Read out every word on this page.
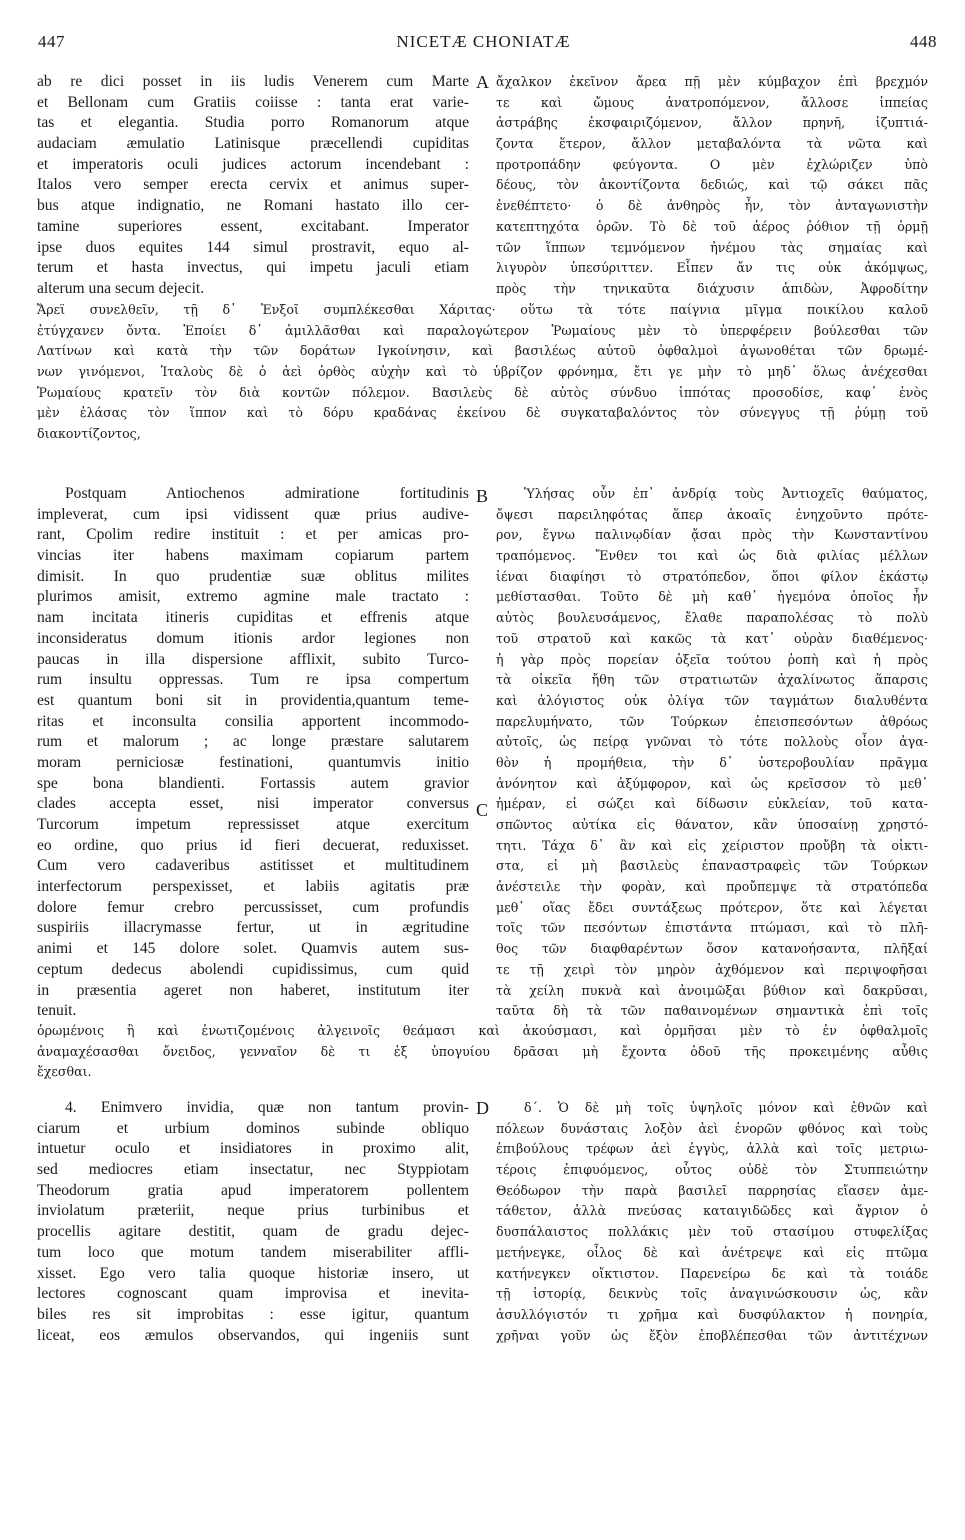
447	NICETÆ CHONIATÆ	448
ab re dici posset in iis ludis Venerem cum Marte
et Bellonam cum Gratiis coiisse : tanta erat varie-
tas et elegantia. Studia porro Romanorum atque
audaciam æmulatio Latinisque præcellendi cupiditas
et imperatoris oculi judices actorum incendebant :
Italos vero semper erecta cervix et animus super-
bus atque indignatio, ne Romani hastato illo cer-
tamine superiores essent, excitabant. Imperator
ipse duos equites 144 simul prostravit, equo al-
terum et hasta invectus, qui impetu jaculi etiam
alterum una secum dejecit.
A ἄχαλκον ἐκεῖνον ἄρεα πῇ μὲν κύμβαχον ἐπὶ βρεχμόν
τε καὶ ὤμους ἀνατροπόμενον, ἄλλοσε ἱππείας
ἀστράβης ἐκσφαιριζόμενον, ἄλλον πρηνῆ, ἰζυπτιά-
ζοντα ἕτερον, ἄλλον μεταβαλόντα τὰ νῶτα καὶ
προτροπάδην φεύγοντα. Ο μὲν ἐχλώριζεν ὑπὸ
δέους, τὸν ἀκοντίζοντα δεδιώς, καὶ τῷ σάκει πᾶς
ἐνεθέπτετο· ὁ δὲ ἀνθηρὸς ἦν, τὸν ἀνταγωνιστὴν
κατεπτηχότα ὁρῶν. Τὸ δὲ τοῦ ἀέρος ῥόθιον τῇ ὁρμῇ
τῶν ἵππων τεμνόμενον ἠνέμου τὰς σημαίας καὶ
λιγυρὸν ὑπεσύριττεν. Εἶπεν ἄν τις οὐκ ἀκόμψως,
πρὸς τὴν τηνικαῦτα διάχυσιν ἀπιδὼν, Ἀφροδίτην
Ἄρεϊ συνελθεῖν, τῇ δ᾽ Ἐνξοῖ συμπλέκεσθαι Χάριτας· οὕτω τὰ τότε παίγνια μῖγμα ποικίλου καλοῦ
ἐτύγχανεν ὄντα. Ἐποίει δ᾽ ἁμιλλᾶσθαι καὶ παραλογώτερον Ῥωμαίους μὲν τὸ ὑπερφέρειν βούλεσθαι τῶν
Λατίνων καὶ κατὰ τὴν τῶν δοράτων Ιγκοίνησιν, καὶ βασιλέως αὐτοῦ ὀφθαλμοὶ ἀγωνοθέται τῶν δρωμέ-
νων γινόμενοι, Ἰταλοὺς δὲ ὁ ἀεὶ ὀρθὸς αὐχὴν καὶ τὸ ὑβρίζον φρόνημα, ἔτι γε μὴν τὸ μηδ᾽ ὅλως ἀνέχεσθαι
Ῥωμαίους κρατεῖν τὸν διὰ κοντῶν πόλεμον. Βασιλεὺς δὲ αὐτὸς σύνδυο ἱππότας προσοδίσε, καφ᾽ ἑνὸς
μὲν ἐλάσας τὸν ἵππον καὶ τὸ δόρυ κραδάνας ἐκείνου δὲ συγκαταβαλόντος τὸν σύνεγγυς τῇ ῥύμῃ τοῦ
διακοντίζοντος,
Postquam Antiochenos admiratione fortitudinis
impleverat, cum ipsi vidissent quæ prius audive-
rant, Cpolim redire instituit : et per amicas pro-
vincias iter habens maximam copiarum partem
dimisit. In quo prudentiæ suæ oblitus milites
plurimos amisit, extremo agmine male tractato :
nam incitata itineris cupiditas et effrenis atque
inconsideratus domum itionis ardor legiones non
paucas in illa dispersione afflixit, subito Turco-
rum insultu oppressas. Tum re ipsa compertum
est quantum boni sit in providentia,quantum teme-
ritas et inconsulta consilia apportent incommodo-
rum et malorum ; ac longe præstare salutarem
moram perniciosæ festinationi, quantumvis initio
spe bona blandienti. Fortassis autem gravior
clades accepta esset, nisi imperator conversus
Turcorum impetum repressisset atque exercitum
eo ordine, quo prius id fieri decuerat, reduxisset.
Cum vero cadaveribus astitisset et multitudinem
interfectorum perspexisset, et labiis agitatis præ
dolore femur crebro percussisset, cum profundis
suspiriis illacrymasse fertur, ut in ægritudine
animi et 145 dolore solet. Quamvis autem sus-
ceptum dedecus abolendi cupidissimus, cum quid
in præsentia ageret non haberet, institutum iter
tenuit.
B
C
Ὑλήσας οὖν ἐπ᾽ ἀνδρίᾳ τοὺς Ἀντιοχεῖς θαύματος,
ὄψεσι παρειληφότας ἅπερ ἀκοαῖς ἐνηχοῦντο πρότε-
ρον, ἔγνω παλινῳδίαν ᾄσαι πρὸς τὴν Κωνσταντίνου
τραπόμενος. Ἔνθεν τοι καὶ ὡς διὰ φιλίας μέλλων
ἰέναι διαφίησι τὸ στρατόπεδον, ὅποι φίλον ἑκάστῳ
μεθίστασθαι. Τοῦτο δὲ μὴ καθ᾽ ἡγεμόνα ὁποῖος ἦν
αὐτὸς βουλευσάμενος, ἔλαθε παραπολέσας τὸ πολὺ
τοῦ στρατοῦ καὶ κακῶς τὰ κατ᾽ οὐρὰν διαθέμενος·
ἡ γὰρ πρὸς πορείαν ὀξεῖα τούτου ῥοπὴ καὶ ἡ πρὸς
τὰ οἰκεῖα ἤθη τῶν στρατιωτῶν ἀχαλίνωτος ἅπαρσις
καὶ ἀλόγιστος οὐκ ὀλίγα τῶν ταγμάτων διαλυθέντα
παρελυμήνατο, τῶν Τούρκων ἐπεισπεσόντων ἀθρόως
αὐτοῖς, ὡς πείρᾳ γνῶναι τὸ τότε πολλοὺς οἷον ἀγα-
θὸν ἡ προμήθεια, τὴν δ᾽ ὑστεροβουλίαν πρᾶγμα
ἀνόνητον καὶ ἀξύμφορον, καὶ ὡς κρεῖσσον τὸ μεθ᾽
ἡμέραν, εἰ σώζει καὶ δίδωσιν εὐκλείαν, τοῦ κατα-
σπῶντος αὐτίκα εἰς θάνατον, κἂν ὑποσαίνῃ χρηστό-
τητι. Τάχα δ᾽ ἂν καὶ εἰς χείριστον προὔβη τὰ οἰκτι-
στα, εἰ μὴ βασιλεὺς ἐπαναστραφεὶς τῶν Τούρκων
ἀνέστειλε τὴν φορὰν, καὶ προὔπεμψε τὰ στρατόπεδα
μεθ᾽ οἵας ἔδει συντάξεως πρότερον, ὅτε καὶ λέγεται
τοῖς τῶν πεσόντων ἐπιστάντα πτώμασι, καὶ τὸ πλῆ-
θος τῶν διαφθαρέντων ὅσον κατανοήσαντα, πλῆξαί
τε τῇ χειρὶ τὸν μηρὸν ἀχθόμενον καὶ περιψοφῆσαι
τὰ χείλη πυκνὰ καὶ ἀνοιμῶξαι βύθιον καὶ δακρῦσαι,
ταῦτα δὴ τὰ τῶν παθαινομένων σημαντικὰ ἐπὶ τοῖς
ὁρωμένοις ἢ καὶ ἐνωτιζομένοις ἀλγεινοῖς θεάμασι καὶ ἀκούσμασι, καὶ ὁρμῆσαι μὲν τὸ ἐν ὀφθαλμοῖς
ἀναμαχέσασθαι ὄνειδος, γενναῖον δὲ τι ἐξ ὑπογυίου δρᾶσαι μὴ ἔχοντα ὁδοῦ τῆς προκειμένης αὖθις
ἔχεσθαι.
4. Enimvero invidia, quæ non tantum provin-
ciarum et urbium dominos subinde obliquo
intuetur oculo et insidiatores in proximo alit,
sed mediocres etiam insectatur, nec Styppiotam
Theodorum gratia apud imperatorem pollentem
inviolatum præteriit, neque prius turbinibus et
procellis agitare destitit, quam de gradu dejec-
tum loco que motum tandem miserabiliter affli-
xisset. Ego vero talia quoque historiæ insero, ut
lectores cognoscant quam improvisa et inevita-
biles res sit improbitas : esse igitur, quantum
liceat, eos æmulos observandos, qui ingeniis sunt
D	δ΄. Ὁ δὲ μὴ τοῖς ὑψηλοῖς μόνον καὶ ἐθνῶν καὶ
πόλεων δυνάσταις λοξὸν ἀεὶ ἐνορῶν φθόνος καὶ τοὺς
ἐπιβούλους τρέφων ἀεὶ ἐγγὺς, ἀλλὰ καὶ τοῖς μετριω-
τέροις ἐπιφυόμενος, οὗτος οὐδὲ τὸν Στυππειώτην
Θεόδωρον τὴν παρὰ βασιλεῖ παρρησίας εἴασεν ἀμε-
τάθετον, ἀλλὰ πνεύσας καταιγιδῶδες καὶ ἄγριον ὁ
δυσπάλαιστος πολλάκις μὲν τοῦ στασίμου στυφελίξας
μετήνεγκε, οἶλος δὲ καὶ ἀνέτρεψε καὶ εἰς πτῶμα
κατήνεγκεν οἴκτιστον. Παρενείρω δε καὶ τὰ τοιάδε
τῇ ἱστορίᾳ, δεικνὺς τοῖς ἀναγινώσκουσιν ὡς, κἂν
ἀσυλλόγιστόν τι χρῆμα καὶ δυσφύλακτον ἡ πονηρία,
χρῆναι γοῦν ὡς ἔξὸν ἐποβλέπεσθαι τῶν ἀντιτέχνων
